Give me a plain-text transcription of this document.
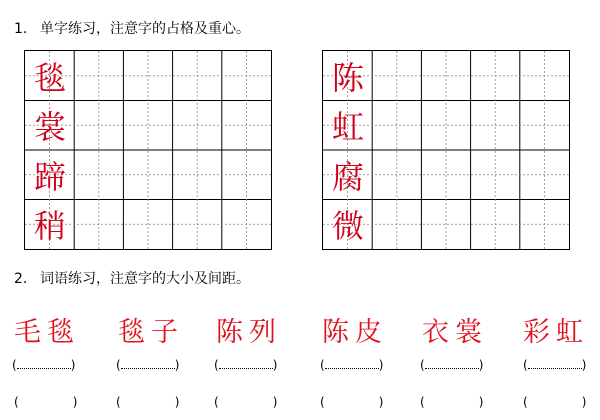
1. 单字练习，注意字的占格及重心。
毯
裳
蹄
稍
陈
虹
腐
微
2. 词语练习，注意字的大小及间距。
毛毯 毯子 陈列 陈皮 衣裳 彩虹
(	)	(	)	(	)	(	)	(	)	(	)
(	)	(	)	(	)	(	)	(	)	(	)
